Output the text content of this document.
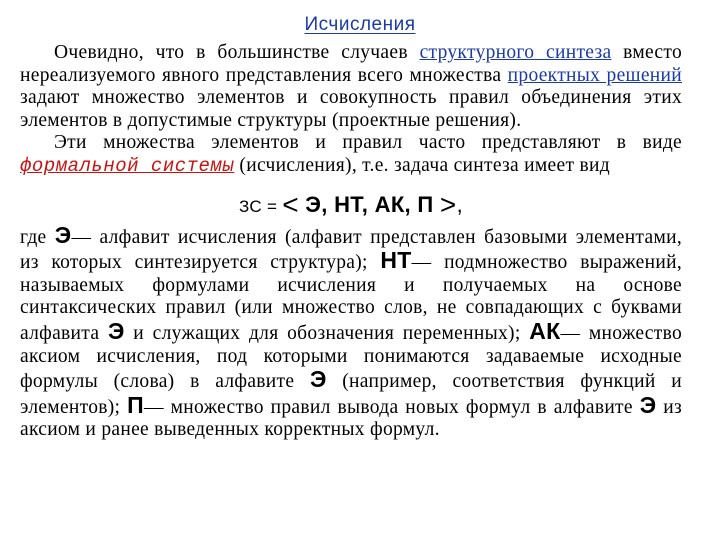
Исчисления

Очевидно, что в большинстве случаев структурного синтеза вместо нереализуемого явного представления всего множества проектных решений задают множество элементов и совокупность правил объединения этих элементов в допустимые структуры (проектные решения).

Эти множества элементов и правил часто представляют в виде формальной системы (исчисления), т.е. задача синтеза имеет вид

ЗС = < Э, НТ, АК, П >,

где Э— алфавит исчисления (алфавит представлен базовыми элементами, из которых синтезируется структура); НТ— подмножество выражений, называемых формулами исчисления и получаемых на основе синтаксических правил (или множество слов, не совпадающих с буквами алфавита Э и служащих для обозначения переменных); АК— множество аксиом исчисления, под которыми понимаются задаваемые исходные формулы (слова) в алфавите Э (например, соответствия функций и элементов); П— множество правил вывода новых формул в алфавите Э из аксиом и ранее выведенных корректных формул.
